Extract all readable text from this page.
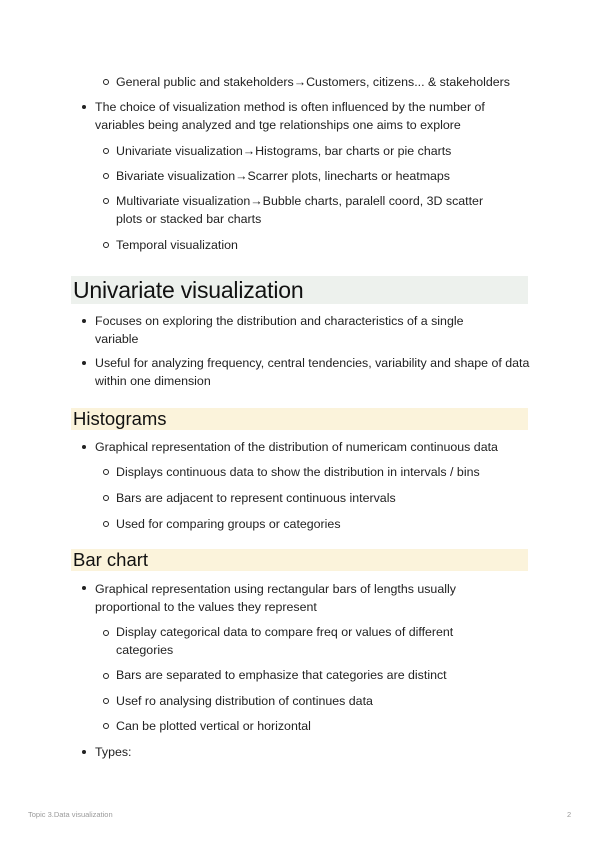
General public and stakeholders→Customers, citizens... & stakeholders
The choice of visualization method is often influenced by the number of variables being analyzed and tge relationships one aims to explore
Univariate visualization→Histograms, bar charts or pie charts
Bivariate visualization→Scarrer plots, linecharts or heatmaps
Multivariate visualization→Bubble charts, paralell coord, 3D scatter plots or stacked bar charts
Temporal visualization
Univariate visualization
Focuses on exploring the distribution and characteristics of a single variable
Useful for analyzing frequency, central tendencies, variability and shape of data within one dimension
Histograms
Graphical representation of the distribution of numericam continuous data
Displays continuous data to show the distribution in intervals / bins
Bars are adjacent to represent continuous intervals
Used for comparing groups or categories
Bar chart
Graphical representation using rectangular bars of lengths usually proportional to the values they represent
Display categorical data to compare freq or values of different categories
Bars are separated to emphasize that categories are distinct
Usef ro analysing distribution of continues data
Can be plotted vertical or horizontal
Types:
Topic 3.Data visualization	2
